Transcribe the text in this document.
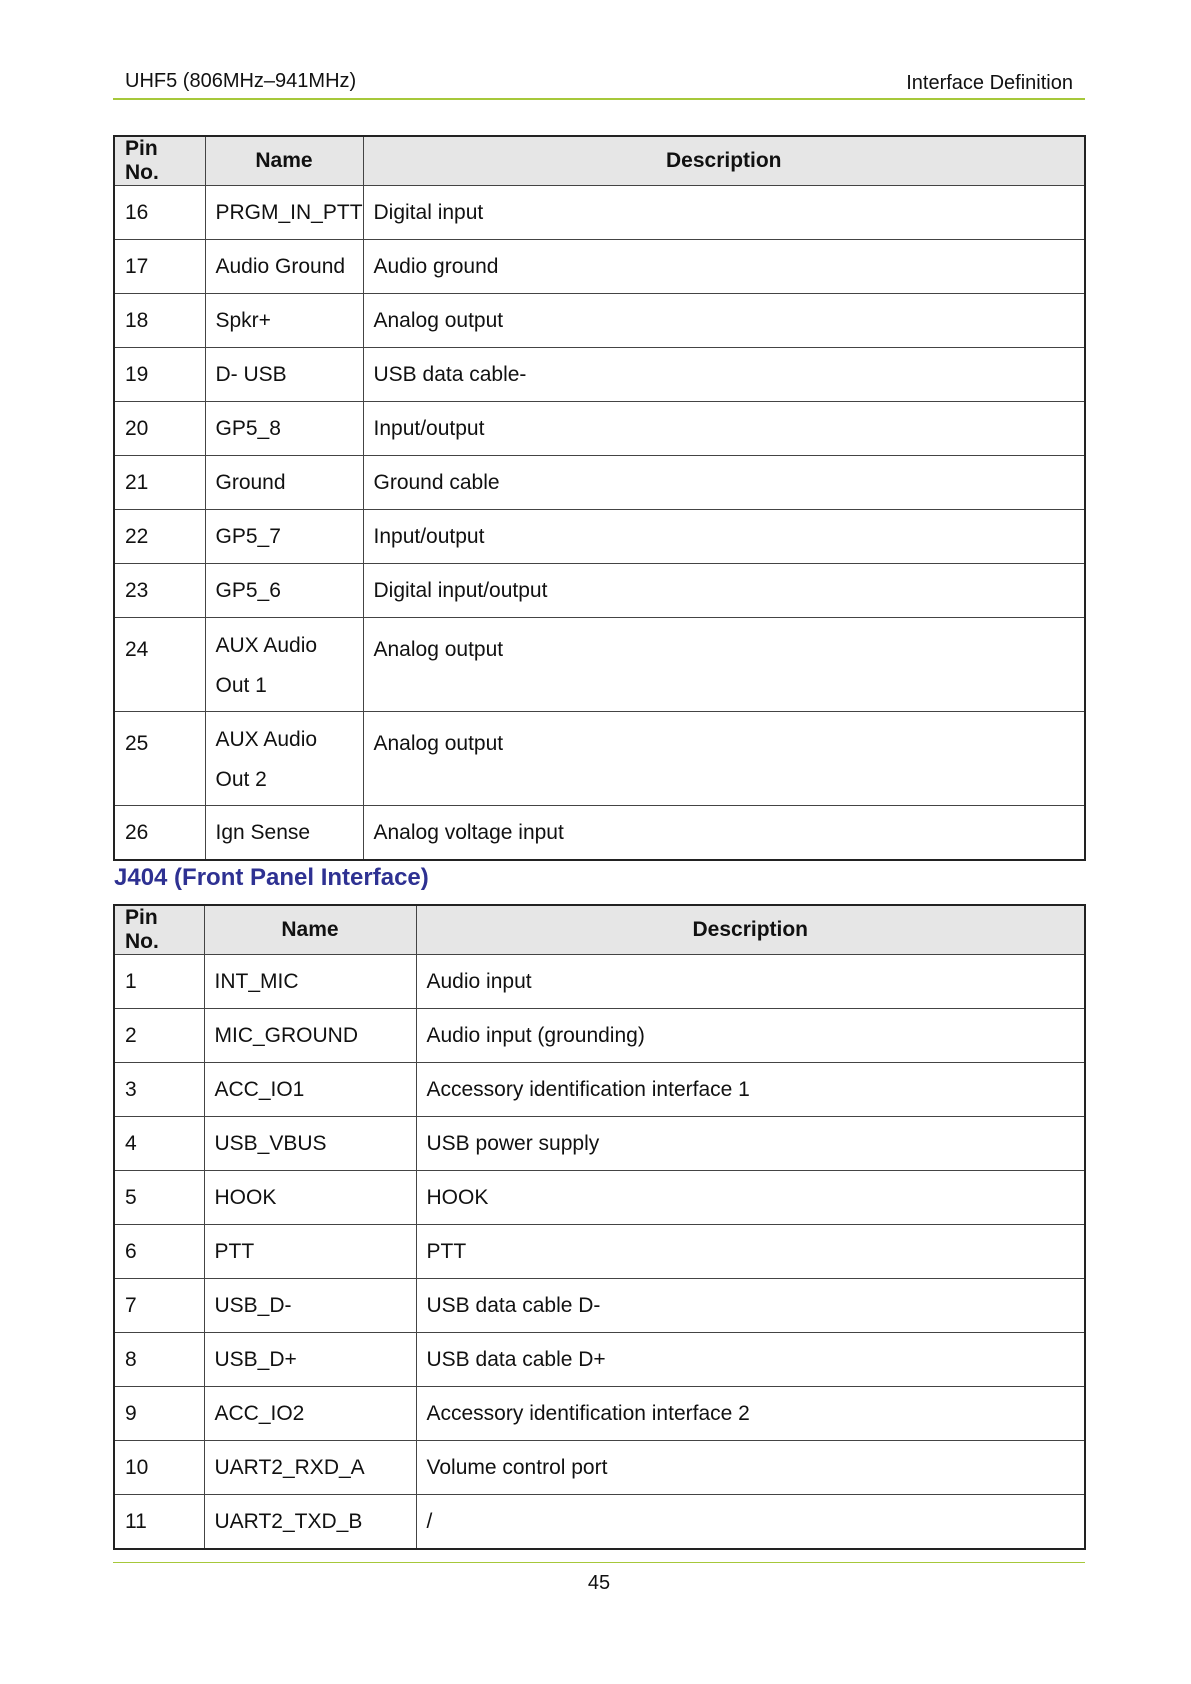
UHF5 (806MHz–941MHz)	Interface Definition
Pin No.	Name	Description
16	PRGM_IN_PTT	Digital input
17	Audio Ground	Audio ground
18	Spkr+	Analog output
19	D- USB	USB data cable-
20	GP5_8	Input/output
21	Ground	Ground cable
22	GP5_7	Input/output
23	GP5_6	Digital input/output
24	AUX Audio Out 1	Analog output
25	AUX Audio Out 2	Analog output
26	Ign Sense	Analog voltage input
J404 (Front Panel Interface)
Pin No.	Name	Description
1	INT_MIC	Audio input
2	MIC_GROUND	Audio input (grounding)
3	ACC_IO1	Accessory identification interface 1
4	USB_VBUS	USB power supply
5	HOOK	HOOK
6	PTT	PTT
7	USB_D-	USB data cable D-
8	USB_D+	USB data cable D+
9	ACC_IO2	Accessory identification interface 2
10	UART2_RXD_A	Volume control port
11	UART2_TXD_B	/
45
